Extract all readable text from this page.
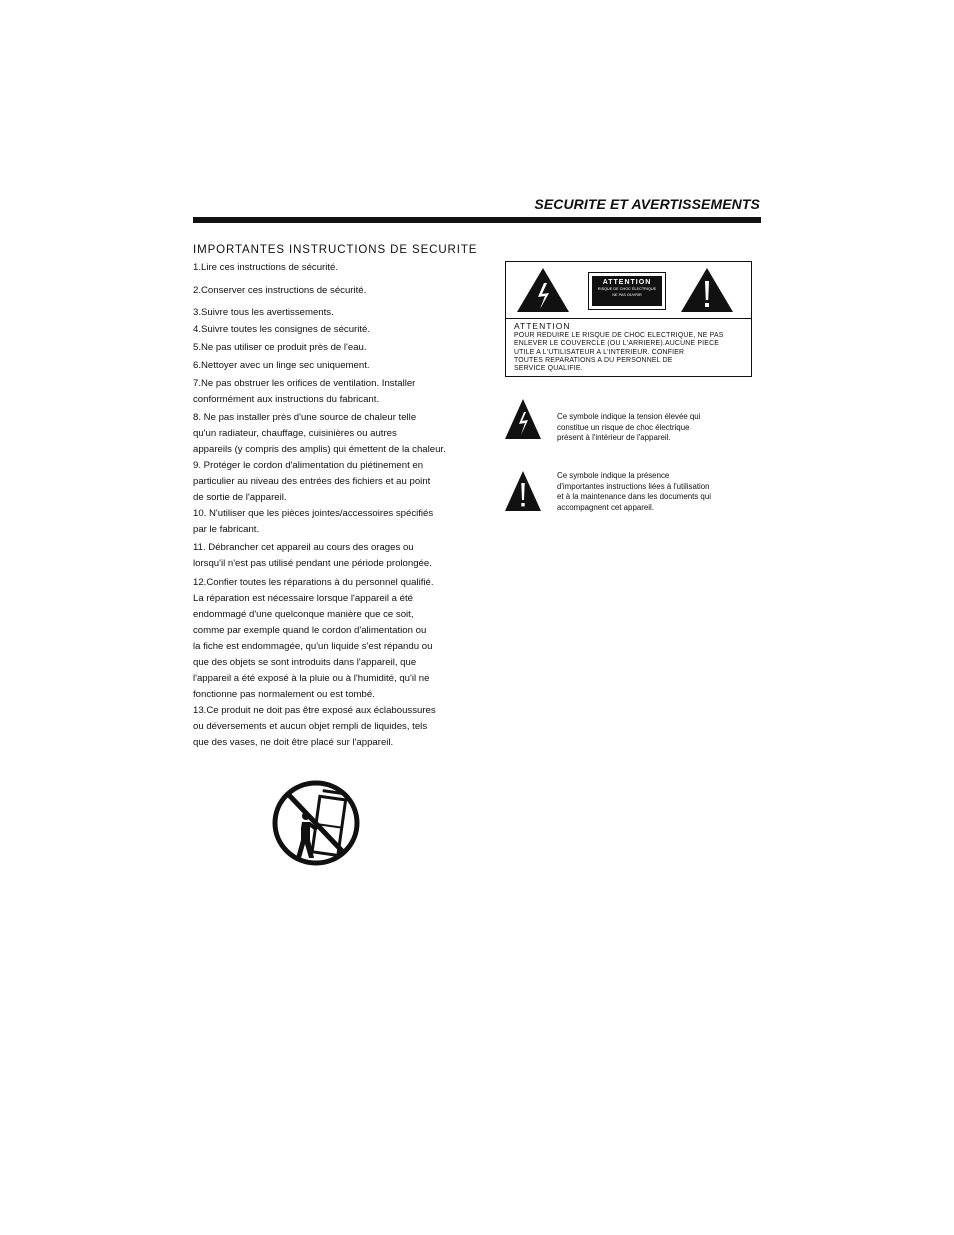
SECURITE ET AVERTISSEMENTS
IMPORTANTES INSTRUCTIONS DE SECURITE
1.Lire ces instructions de sécurité.
2.Conserver ces instructions de sécurité.
3.Suivre tous les avertissements.
4.Suivre toutes les consignes de sécurité.
5.Ne pas utiliser ce produit près de l'eau.
6.Nettoyer avec un linge sec uniquement.
7.Ne pas obstruer les orifices de ventilation. Installer
conformément aux instructions du fabricant.
8. Ne pas installer près d'une source de chaleur telle
qu'un radiateur, chauffage, cuisinières ou autres
appareils (y compris des amplis) qui émettent de la chaleur.
9. Protéger le cordon d'alimentation du piétinement en
particulier au niveau des entrées des fichiers et au point
de sortie de l'appareil.
10. N'utiliser que les pièces jointes/accessoires spécifiés
par le fabricant.
11. Débrancher cet appareil au cours des orages ou
lorsqu'il n'est pas utilisé pendant une période prolongée.
12.Confier toutes les réparations à du personnel qualifié.
La réparation est nécessaire lorsque l'appareil a été
endommagé d'une quelconque manière que ce soit,
comme par exemple quand le cordon d'alimentation ou
la fiche est endommagée, qu'un liquide s'est répandu ou
que des objets se sont introduits dans l'appareil, que
l'appareil a été exposé à la pluie ou à l'humidité, qu'il ne
fonctionne pas normalement ou est tombé.
13.Ce produit ne doit pas être exposé aux éclaboussures
ou déversements et aucun objet rempli de liquides, tels
que des vases, ne doit être placé sur l'appareil.
ATTENTION
RISQUE DE CHOC ÉLECTRIQUE
NE PAS OUVRIR
ATTENTION
POUR REDUIRE LE RISQUE DE CHOC ELECTRIQUE, NE PAS
ENLEVER LE COUVERCLE (OU L'ARRIERE).AUCUNE PIECE
UTILE A L'UTILISATEUR A L'INTERIEUR. CONFIER
TOUTES REPARATIONS A DU PERSONNEL DE
SERVICE QUALIFIE.
Ce symbole indique la tension élevée qui
constitue un risque de choc électrique
présent à l'intérieur de l'appareil.
Ce symbole indique la présence
d'importantes instructions liées à l'utilisation
et à la maintenance dans les documents qui
accompagnent cet appareil.
